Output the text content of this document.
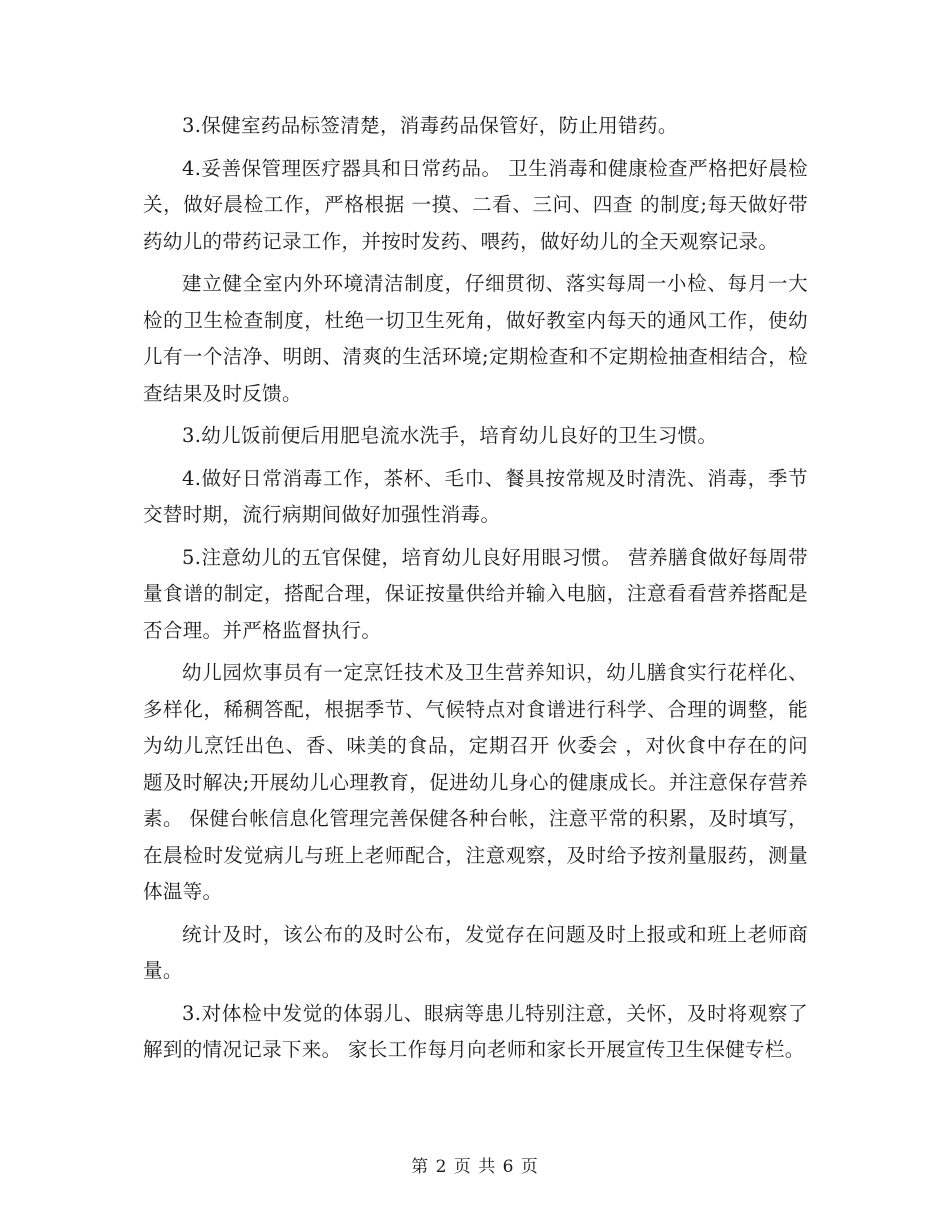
3.保健室药品标签清楚，消毒药品保管好，防止用错药。

4.妥善保管理医疗器具和日常药品。 卫生消毒和健康检查严格把好晨检关，做好晨检工作，严格根据 一摸、二看、三问、四查 的制度;每天做好带药幼儿的带药记录工作，并按时发药、喂药，做好幼儿的全天观察记录。

建立健全室内外环境清洁制度，仔细贯彻、落实每周一小检、每月一大检的卫生检查制度，杜绝一切卫生死角，做好教室内每天的通风工作，使幼儿有一个洁净、明朗、清爽的生活环境;定期检查和不定期检抽查相结合，检查结果及时反馈。

3.幼儿饭前便后用肥皂流水洗手，培育幼儿良好的卫生习惯。

4.做好日常消毒工作，茶杯、毛巾、餐具按常规及时清洗、消毒，季节交替时期，流行病期间做好加强性消毒。

5.注意幼儿的五官保健，培育幼儿良好用眼习惯。 营养膳食做好每周带量食谱的制定，搭配合理，保证按量供给并输入电脑，注意看看营养搭配是否合理。并严格监督执行。

幼儿园炊事员有一定烹饪技术及卫生营养知识，幼儿膳食实行花样化、多样化，稀稠答配，根据季节、气候特点对食谱进行科学、合理的调整，能为幼儿烹饪出色、香、味美的食品，定期召开 伙委会 ，对伙食中存在的问题及时解决;开展幼儿心理教育，促进幼儿身心的健康成长。并注意保存营养素。 保健台帐信息化管理完善保健各种台帐，注意平常的积累，及时填写，在晨检时发觉病儿与班上老师配合，注意观察，及时给予按剂量服药，测量体温等。

统计及时，该公布的及时公布，发觉存在问题及时上报或和班上老师商量。

3.对体检中发觉的体弱儿、眼病等患儿特别注意，关怀，及时将观察了解到的情况记录下来。 家长工作每月向老师和家长开展宣传卫生保健专栏。

第 2 页 共 6 页
